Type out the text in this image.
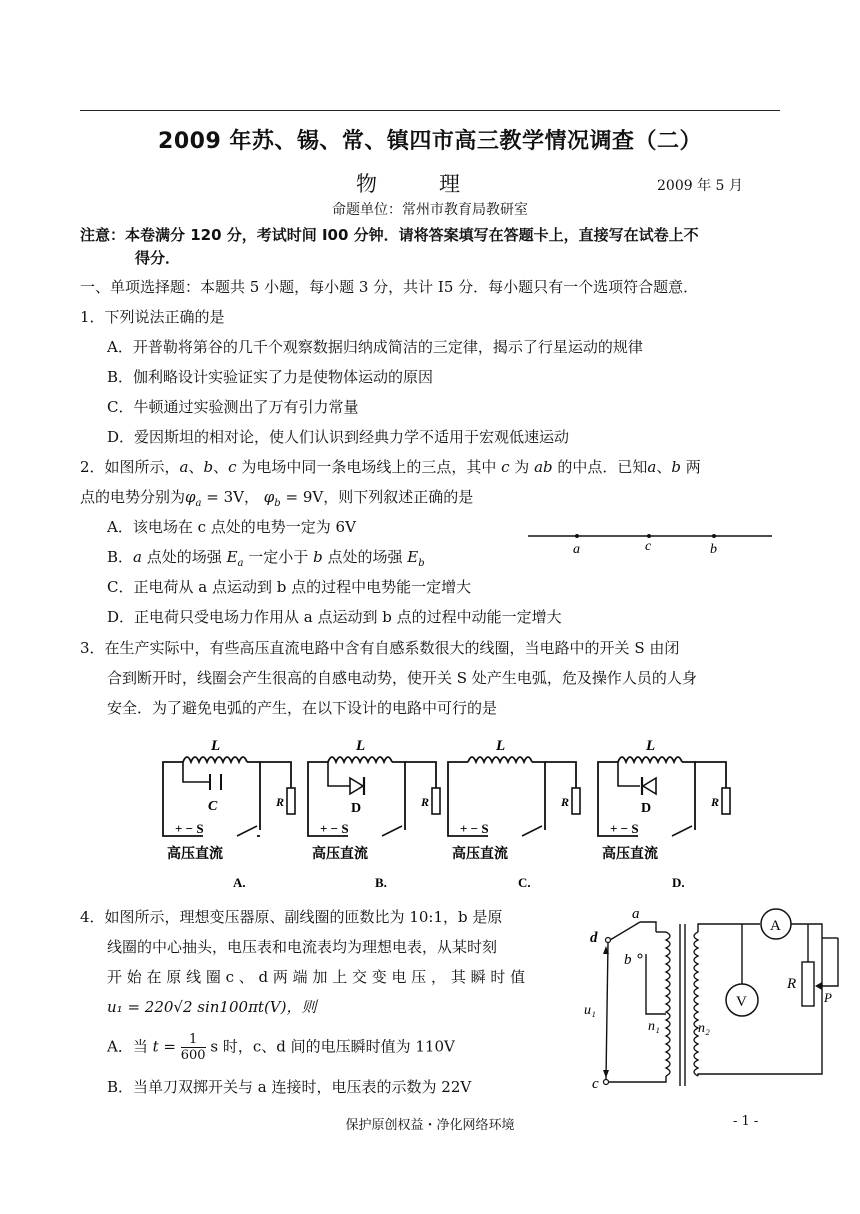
2009 年苏、锡、常、镇四市高三教学情况调查（二）
物理	2009 年 5 月
命题单位：常州市教育局教研室
注意：本卷满分 120 分，考试时间 I00 分钟．请将答案填写在答题卡上，直接写在试卷上不
得分．
一、单项选择题：本题共 5 小题，每小题 3 分，共计 I5 分．每小题只有一个选项符合题意．
1．下列说法正确的是
A．开普勒将第谷的几千个观察数据归纳成简洁的三定律，揭示了行星运动的规律
B．伽利略设计实验证实了力是使物体运动的原因
C．牛顿通过实验测出了万有引力常量
D．爱因斯坦的相对论，使人们认识到经典力学不适用于宏观低速运动
2．如图所示，a、b、c 为电场中同一条电场线上的三点，其中 c 为 ab 的中点．已知a、b 两
点的电势分别为$\varphi_a = 3V$， $\varphi_b = 9V$，则下列叙述正确的是
A．该电场在 c 点处的电势一定为 6V
B．a 点处的场强 $E_a$ 一定小于 b 点处的场强 $E_b$
C．正电荷从 a 点运动到 b 点的过程中电势能一定增大
D．正电荷只受电场力作用从 a 点运动到 b 点的过程中动能一定增大
a	c	b
3．在生产实际中，有些高压直流电路中含有自感系数很大的线圈，当电路中的开关 S 由闭
合到断开时，线圈会产生很高的自感电动势，使开关 S 处产生电弧，危及操作人员的人身
安全．为了避免电弧的产生，在以下设计的电路中可行的是
L
C	R
+ − S
高压直流
A.
L
D	R
+ − S
高压直流
B.
L
R
+ − S
高压直流
C.
L
D	R
+ − S
高压直流
D.
4．如图所示，理想变压器原、副线圈的匝数比为 10:1，b 是原
线圈的中心抽头，电压表和电流表均为理想电表，从某时刻
开 始 在 原 线 圈 c 、 d 两 端 加 上 交 变 电 压 ， 其 瞬 时 值
u₁ = 220√2 sin100πt(V)，则
A．当 $t = \frac{1}{600}$ s 时，c、d 间的电压瞬时值为 110V
B．当单刀双掷开关与 a 连接时，电压表的示数为 22V
a
b
c
d
u₁
n₁	n₂
A
V
R
P
保护原创权益・净化网络环境	- 1 -
